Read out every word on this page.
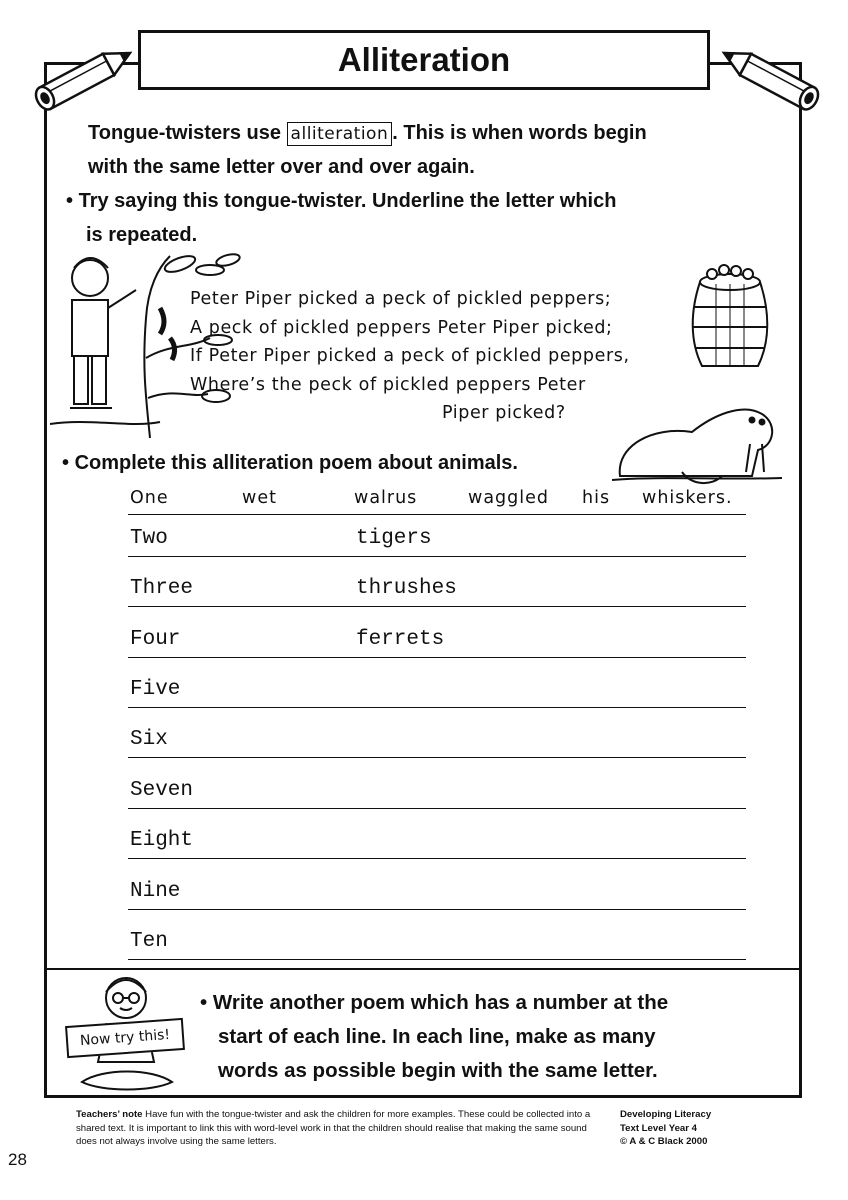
Alliteration
Tongue-twisters use alliteration . This is when words begin
with the same letter over and over again.
• Try saying this tongue-twister. Underline the letter which
is repeated.
Peter Piper picked a peck of pickled peppers;
A peck of pickled peppers Peter Piper picked;
If Peter Piper picked a peck of pickled peppers,
Where’s the peck of pickled peppers Peter
Piper picked?
• Complete this alliteration poem about animals.
One	wet	walrus	waggled his whiskers.
Two	tigers
Three	thrushes
Four	ferrets
Five
Six
Seven
Eight
Nine
Ten
Now try this!
• Write another poem which has a number at the
start of each line. In each line, make as many
words as possible begin with the same letter.
Teachers’ note Have fun with the tongue-twister and ask the children for more examples. These could be collected into a shared text. It is important to link this with word-level work in that the children should realise that making the same sound does not always involve using the same letters.
Developing Literacy
Text Level Year 4
© A & C Black 2000
28
